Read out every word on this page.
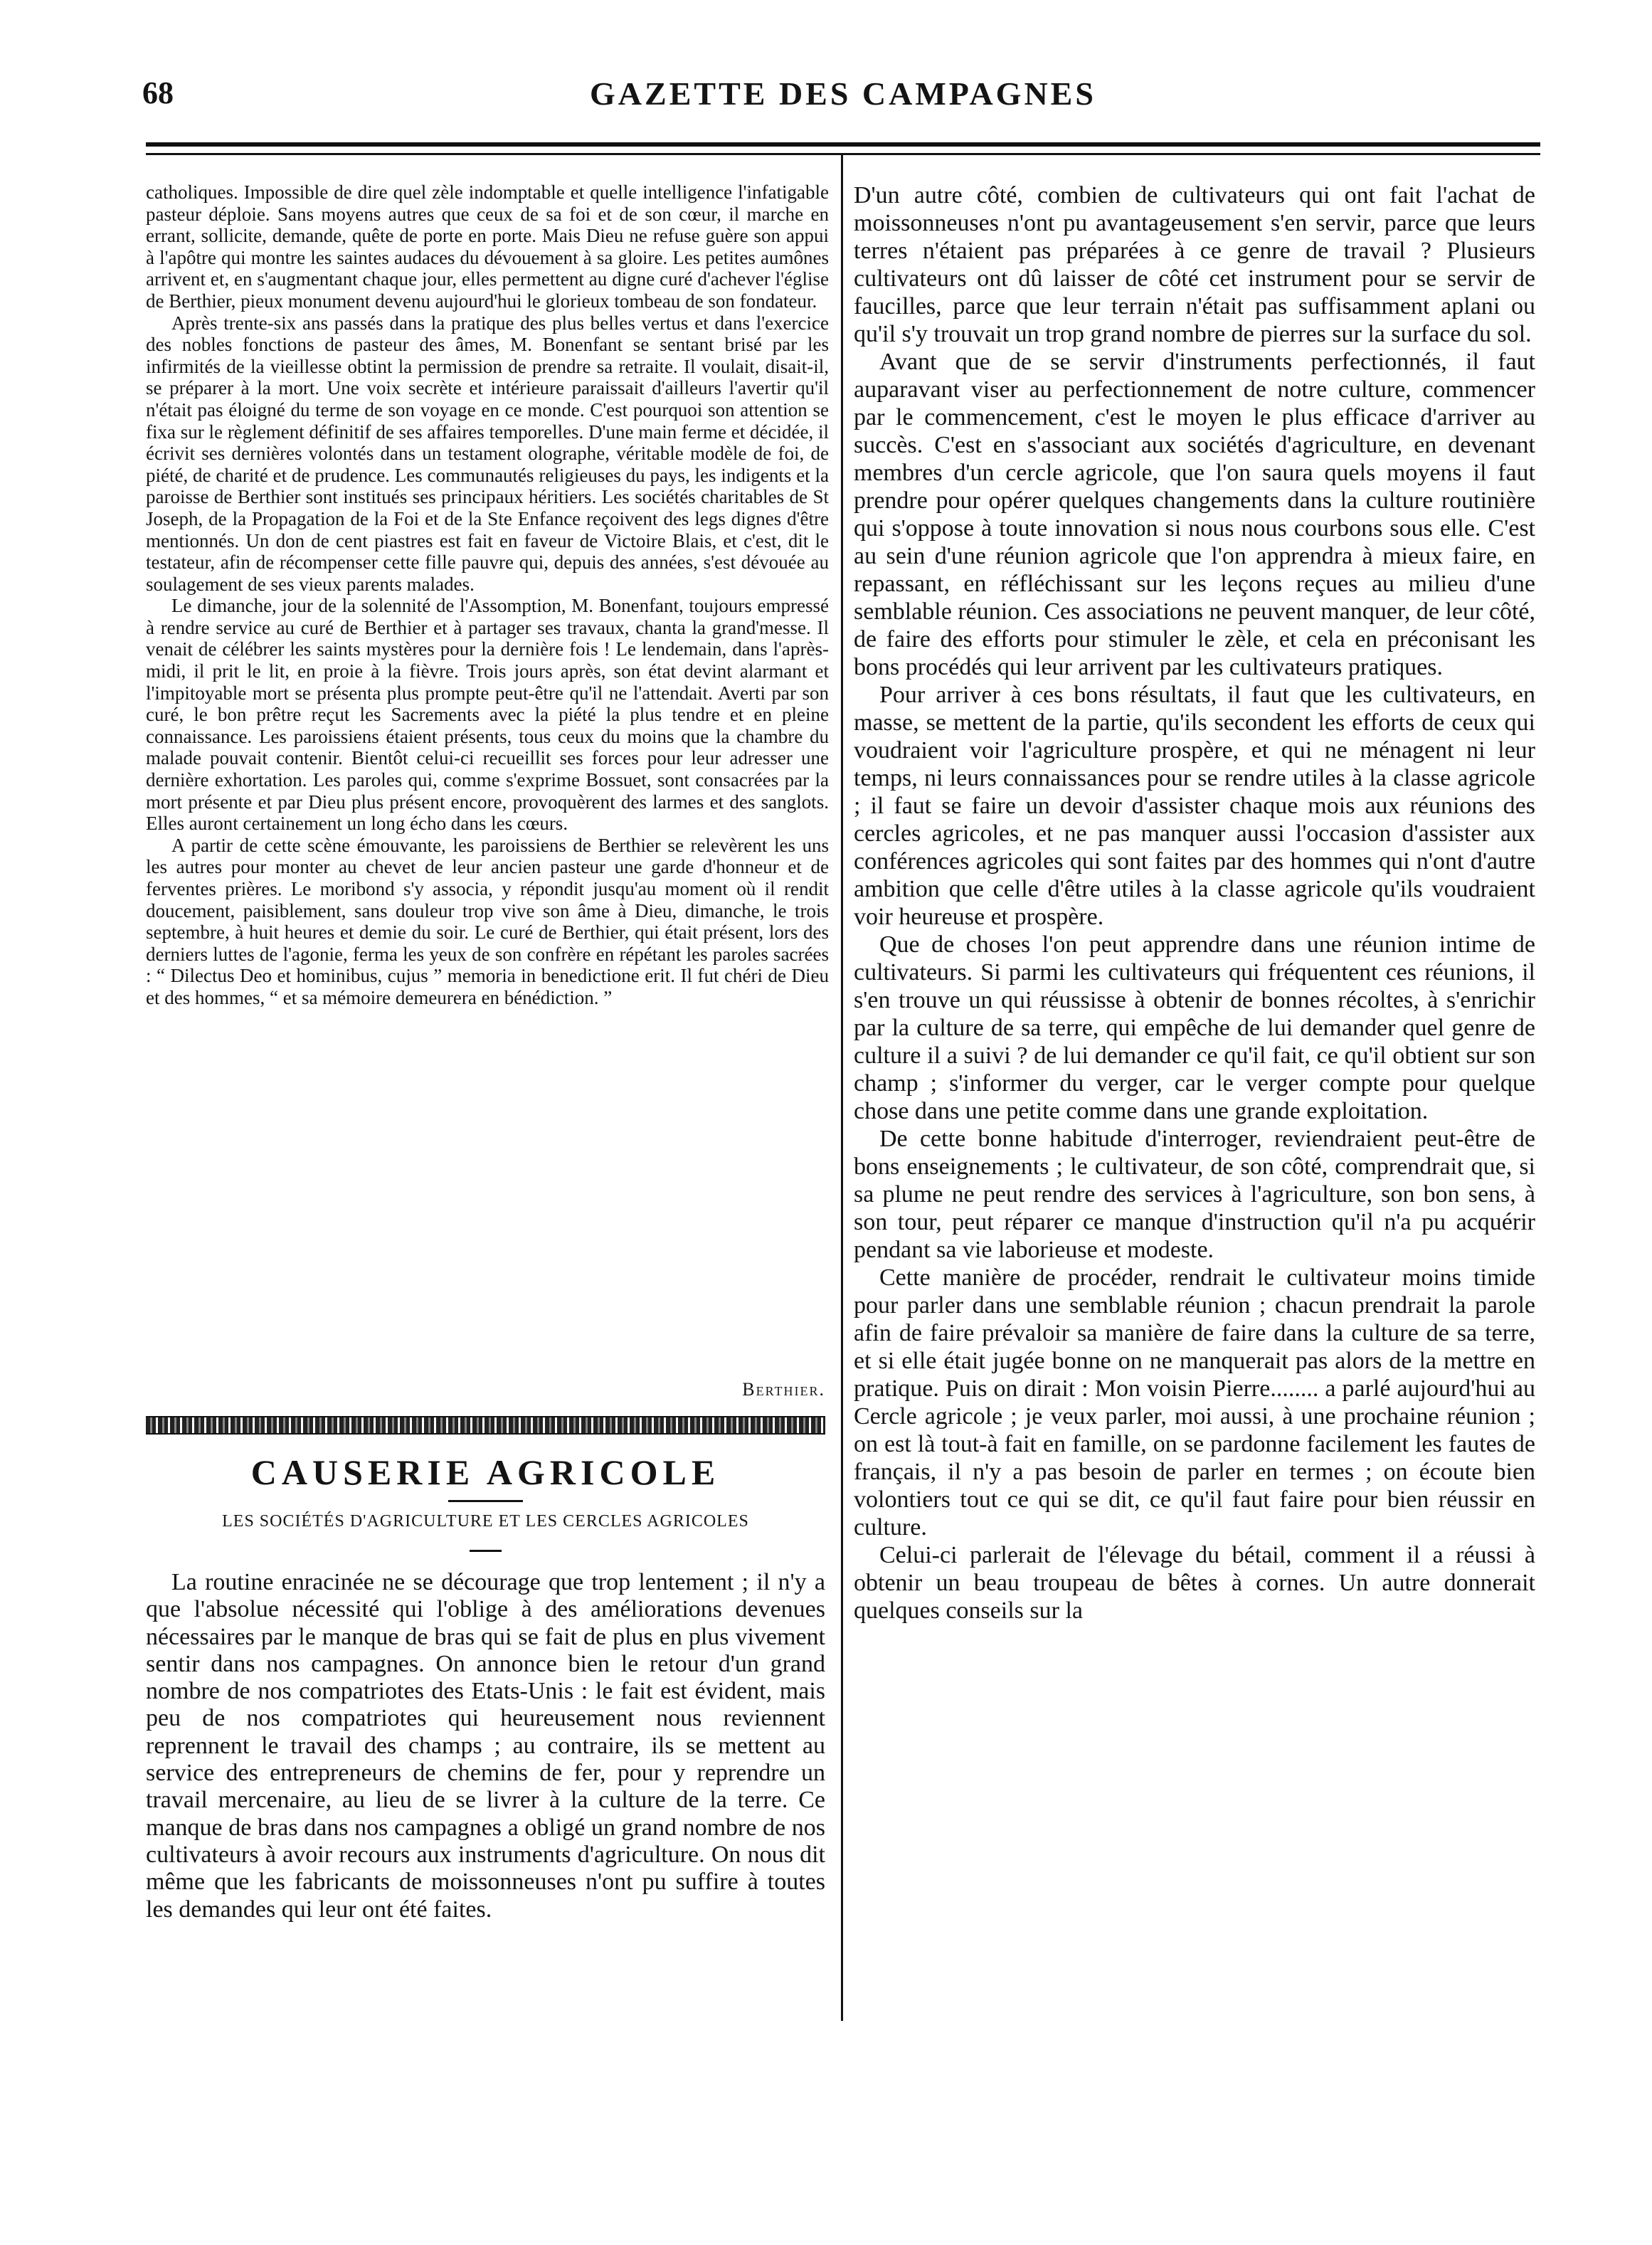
68	GAZETTE DES CAMPAGNES

catholiques. Impossible de dire quel zèle indomptable et quelle intelligence l'infatigable pasteur déploie. Sans moyens autres que ceux de sa foi et de son cœur, il marche en errant, sollicite, demande, quête de porte en porte. Mais Dieu ne refuse guère son appui à l'apôtre qui montre les saintes audaces du dévouement à sa gloire. Les petites aumônes arrivent et, en s'augmentant chaque jour, elles permettent au digne curé d'achever l'église de Berthier, pieux monument devenu aujourd'hui le glorieux tombeau de son fondateur.

Après trente-six ans passés dans la pratique des plus belles vertus et dans l'exercice des nobles fonctions de pasteur des âmes, M. Bonenfant se sentant brisé par les infirmités de la vieillesse obtint la permission de prendre sa retraite. Il voulait, disait-il, se préparer à la mort. Une voix secrète et intérieure paraissait d'ailleurs l'avertir qu'il n'était pas éloigné du terme de son voyage en ce monde. C'est pourquoi son attention se fixa sur le règlement définitif de ses affaires temporelles. D'une main ferme et décidée, il écrivit ses dernières volontés dans un testament olographe, véritable modèle de foi, de piété, de charité et de prudence. Les communautés religieuses du pays, les indigents et la paroisse de Berthier sont institués ses principaux héritiers. Les sociétés charitables de St Joseph, de la Propagation de la Foi et de la Ste Enfance reçoivent des legs dignes d'être mentionnés. Un don de cent piastres est fait en faveur de Victoire Blais, et c'est, dit le testateur, afin de récompenser cette fille pauvre qui, depuis des années, s'est dévouée au soulagement de ses vieux parents malades.

Le dimanche, jour de la solennité de l'Assomption, M. Bonenfant, toujours empressé à rendre service au curé de Berthier et à partager ses travaux, chanta la grand'messe. Il venait de célébrer les saints mystères pour la dernière fois ! Le lendemain, dans l'après-midi, il prit le lit, en proie à la fièvre. Trois jours après, son état devint alarmant et l'impitoyable mort se présenta plus prompte peut-être qu'il ne l'attendait. Averti par son curé, le bon prêtre reçut les Sacrements avec la piété la plus tendre et en pleine connaissance. Les paroissiens étaient présents, tous ceux du moins que la chambre du malade pouvait contenir. Bientôt celui-ci recueillit ses forces pour leur adresser une dernière exhortation. Les paroles qui, comme s'exprime Bossuet, sont consacrées par la mort présente et par Dieu plus présent encore, provoquèrent des larmes et des sanglots. Elles auront certainement un long écho dans les cœurs.

A partir de cette scène émouvante, les paroissiens de Berthier se relevèrent les uns les autres pour monter au chevet de leur ancien pasteur une garde d'honneur et de ferventes prières. Le moribond s'y associa, y répondit jusqu'au moment où il rendit doucement, paisiblement, sans douleur trop vive son âme à Dieu, dimanche, le trois septembre, à huit heures et demie du soir. Le curé de Berthier, qui était présent, lors des derniers luttes de l'agonie, ferma les yeux de son confrère en répétant les paroles sacrées : “ Dilectus Deo et hominibus, cujus ” memoria in benedictione erit. Il fut chéri de Dieu et des hommes, “ et sa mémoire demeurera en bénédiction. ”

Berthier.
CAUSERIE AGRICOLE
LES SOCIÉTÉS D'AGRICULTURE ET LES CERCLES AGRICOLES

La routine enracinée ne se décourage que trop lentement ; il n'y a que l'absolue nécessité qui l'oblige à des améliorations devenues nécessaires par le manque de bras qui se fait de plus en plus vivement sentir dans nos campagnes. On annonce bien le retour d'un grand nombre de nos compatriotes des Etats-Unis : le fait est évident, mais peu de nos compatriotes qui heureusement nous reviennent reprennent le travail des champs ; au contraire, ils se mettent au service des entrepreneurs de chemins de fer, pour y reprendre un travail mercenaire, au lieu de se livrer à la culture de la terre. Ce manque de bras dans nos campagnes a obligé un grand nombre de nos cultivateurs à avoir recours aux instruments d'agriculture. On nous dit même que les fabricants de moissonneuses n'ont pu suffire à toutes les demandes qui leur ont été faites.

D'un autre côté, combien de cultivateurs qui ont fait l'achat de moissonneuses n'ont pu avantageusement s'en servir, parce que leurs terres n'étaient pas préparées à ce genre de travail ? Plusieurs cultivateurs ont dû laisser de côté cet instrument pour se servir de faucilles, parce que leur terrain n'était pas suffisamment aplani ou qu'il s'y trouvait un trop grand nombre de pierres sur la surface du sol.

Avant que de se servir d'instruments perfectionnés, il faut auparavant viser au perfectionnement de notre culture, commencer par le commencement, c'est le moyen le plus efficace d'arriver au succès. C'est en s'associant aux sociétés d'agriculture, en devenant membres d'un cercle agricole, que l'on saura quels moyens il faut prendre pour opérer quelques changements dans la culture routinière qui s'oppose à toute innovation si nous nous courbons sous elle. C'est au sein d'une réunion agricole que l'on apprendra à mieux faire, en repassant, en réfléchissant sur les leçons reçues au milieu d'une semblable réunion. Ces associations ne peuvent manquer, de leur côté, de faire des efforts pour stimuler le zèle, et cela en préconisant les bons procédés qui leur arrivent par les cultivateurs pratiques.

Pour arriver à ces bons résultats, il faut que les cultivateurs, en masse, se mettent de la partie, qu'ils secondent les efforts de ceux qui voudraient voir l'agriculture prospère, et qui ne ménagent ni leur temps, ni leurs connaissances pour se rendre utiles à la classe agricole ; il faut se faire un devoir d'assister chaque mois aux réunions des cercles agricoles, et ne pas manquer aussi l'occasion d'assister aux conférences agricoles qui sont faites par des hommes qui n'ont d'autre ambition que celle d'être utiles à la classe agricole qu'ils voudraient voir heureuse et prospère.

Que de choses l'on peut apprendre dans une réunion intime de cultivateurs. Si parmi les cultivateurs qui fréquentent ces réunions, il s'en trouve un qui réussisse à obtenir de bonnes récoltes, à s'enrichir par la culture de sa terre, qui empêche de lui demander quel genre de culture il a suivi ? de lui demander ce qu'il fait, ce qu'il obtient sur son champ ; s'informer du verger, car le verger compte pour quelque chose dans une petite comme dans une grande exploitation.

De cette bonne habitude d'interroger, reviendraient peut-être de bons enseignements ; le cultivateur, de son côté, comprendrait que, si sa plume ne peut rendre des services à l'agriculture, son bon sens, à son tour, peut réparer ce manque d'instruction qu'il n'a pu acquérir pendant sa vie laborieuse et modeste.

Cette manière de procéder, rendrait le cultivateur moins timide pour parler dans une semblable réunion ; chacun prendrait la parole afin de faire prévaloir sa manière de faire dans la culture de sa terre, et si elle était jugée bonne on ne manquerait pas alors de la mettre en pratique. Puis on dirait : Mon voisin Pierre........ a parlé aujourd'hui au Cercle agricole ; je veux parler, moi aussi, à une prochaine réunion ; on est là tout-à fait en famille, on se pardonne facilement les fautes de français, il n'y a pas besoin de parler en termes ; on écoute bien volontiers tout ce qui se dit, ce qu'il faut faire pour bien réussir en culture.

Celui-ci parlerait de l'élevage du bétail, comment il a réussi à obtenir un beau troupeau de bêtes à cornes. Un autre donnerait quelques conseils sur la
